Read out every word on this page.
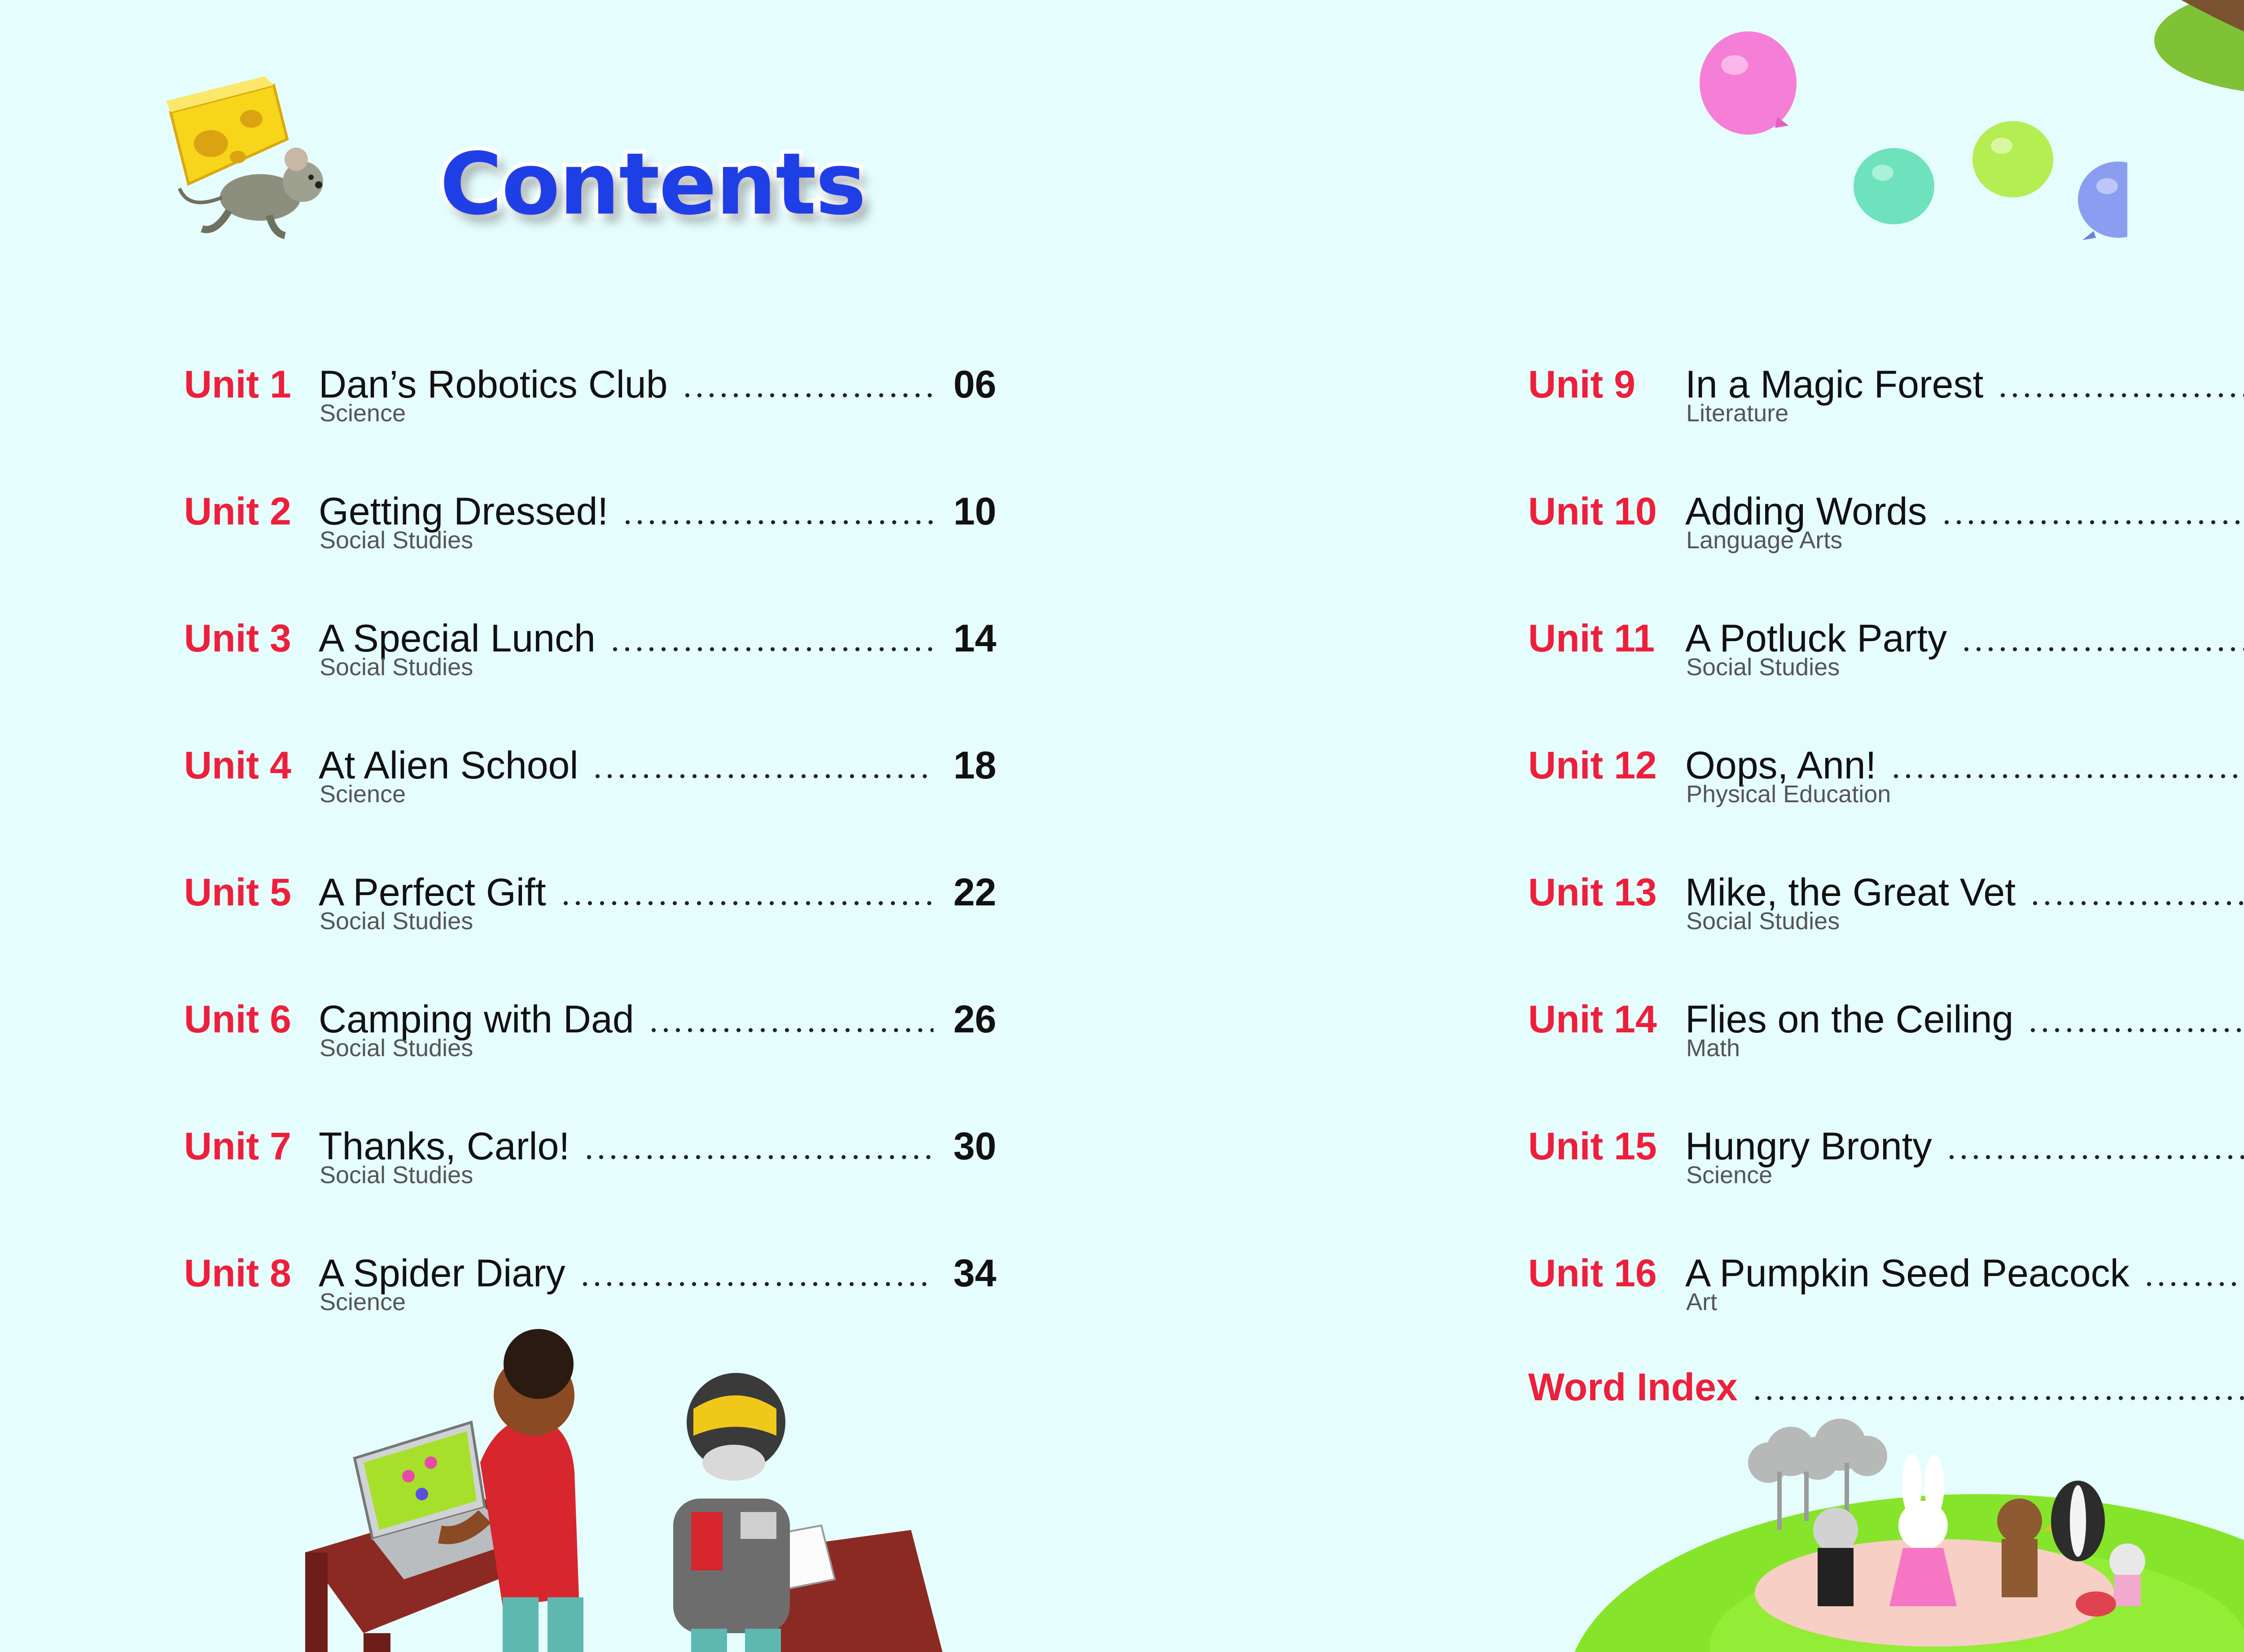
Contents
Unit 1 Dan’s Robotics Club	06
Science
Unit 2 Getting Dressed!	10
Social Studies
Unit 3 A Special Lunch	14
Social Studies
Unit 4 At Alien School	18
Science
Unit 5 A Perfect Gift	22
Social Studies
Unit 6 Camping with Dad	26
Social Studies
Unit 7 Thanks, Carlo!	30
Social Studies
Unit 8 A Spider Diary	34
Science
Unit 9	In a Magic Forest
Literature
Unit 10 Adding Words
Language Arts
Unit 11 A Potluck Party
Social Studies
Unit 12 Oops, Ann!
Physical Education
Unit 13 Mike, the Great Vet
Social Studies
Unit 14 Flies on the Ceiling
Math
Unit 15 Hungry Bronty
Science
Unit 16 A Pumpkin Seed Peacock
Art
Word Index
